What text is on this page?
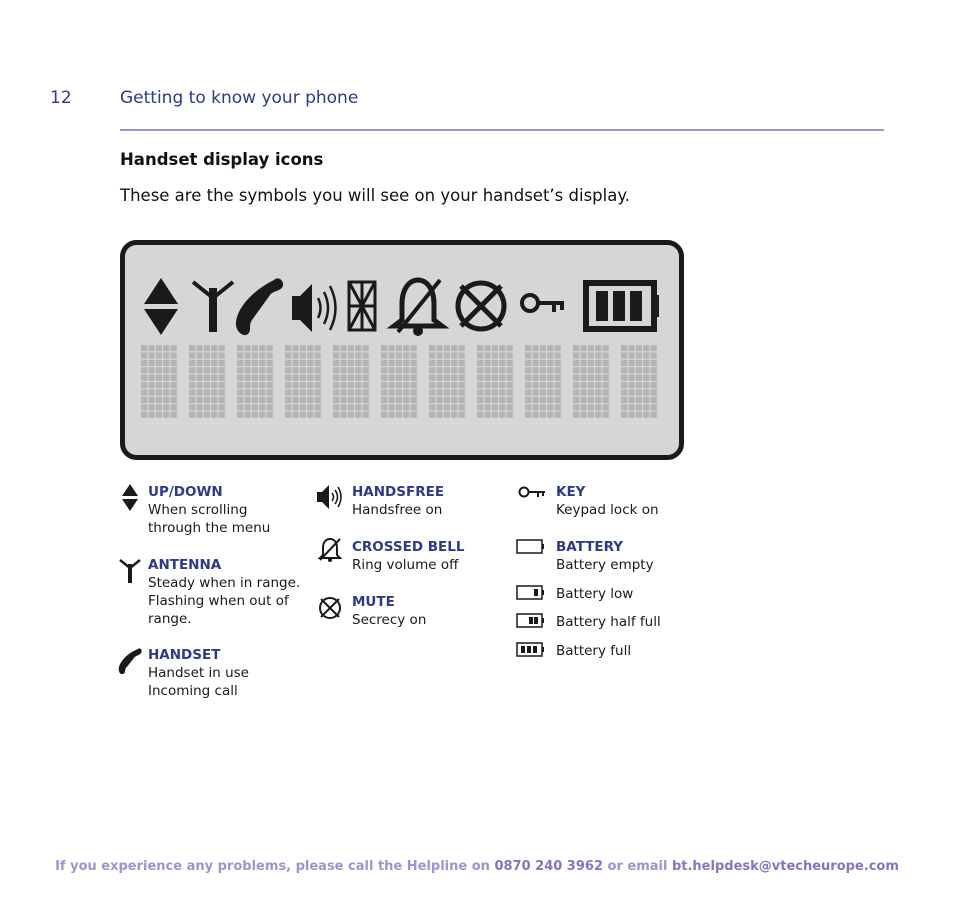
12	Getting to know your phone
Handset display icons
These are the symbols you will see on your handset’s display.
UP/DOWN
When scrolling
through the menu
ANTENNA
Steady when in range.
Flashing when out of
range.
HANDSET
Handset in use
Incoming call
HANDSFREE
Handsfree on
CROSSED BELL
Ring volume off
MUTE
Secrecy on
KEY
Keypad lock on
BATTERY
Battery empty
Battery low
Battery half full
Battery full
If you experience any problems, please call the Helpline on 0870 240 3962 or email bt.helpdesk@vtecheurope.com
